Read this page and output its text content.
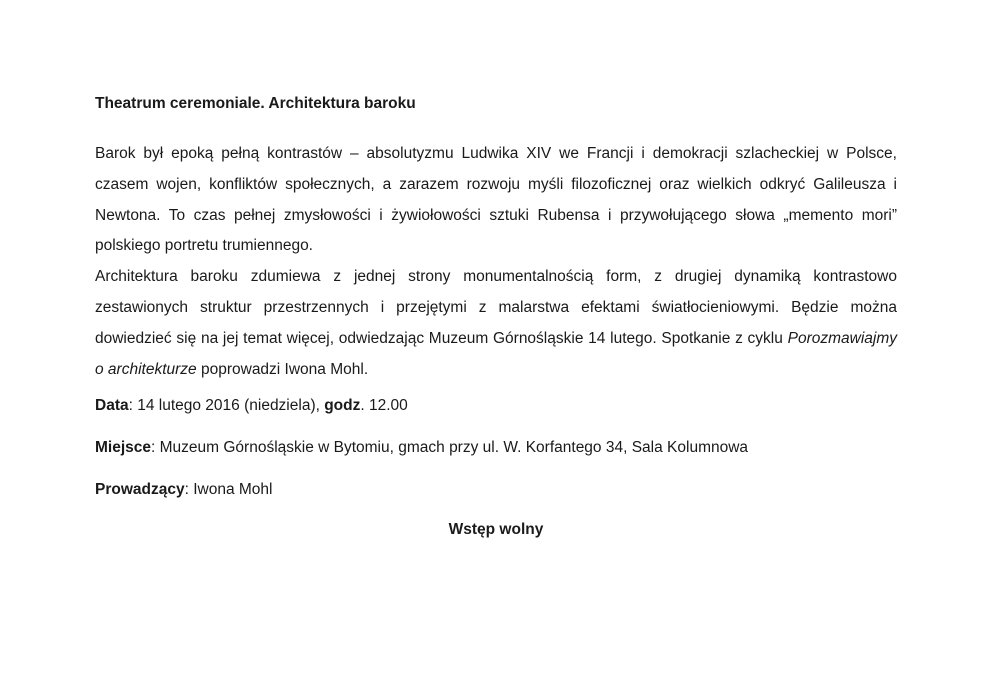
Theatrum ceremoniale. Architektura baroku

Barok był epoką pełną kontrastów – absolutyzmu Ludwika XIV we Francji i demokracji szlacheckiej w Polsce, czasem wojen, konfliktów społecznych, a zarazem rozwoju myśli filozoficznej oraz wielkich odkryć Galileusza i Newtona. To czas pełnej zmysłowości i żywiołowości sztuki Rubensa i przywołującego słowa „memento mori” polskiego portretu trumiennego.

Architektura baroku zdumiewa z jednej strony monumentalnością form, z drugiej dynamiką kontrastowo zestawionych struktur przestrzennych i przejętymi z malarstwa efektami światłocieniowymi. Będzie można dowiedzieć się na jej temat więcej, odwiedzając Muzeum Górnośląskie 14 lutego. Spotkanie z cyklu Porozmawiajmy o architekturze poprowadzi Iwona Mohl.

Data: 14 lutego 2016 (niedziela), godz. 12.00
Miejsce: Muzeum Górnośląskie w Bytomiu, gmach przy ul. W. Korfantego 34, Sala Kolumnowa
Prowadzący: Iwona Mohl
Wstęp wolny
